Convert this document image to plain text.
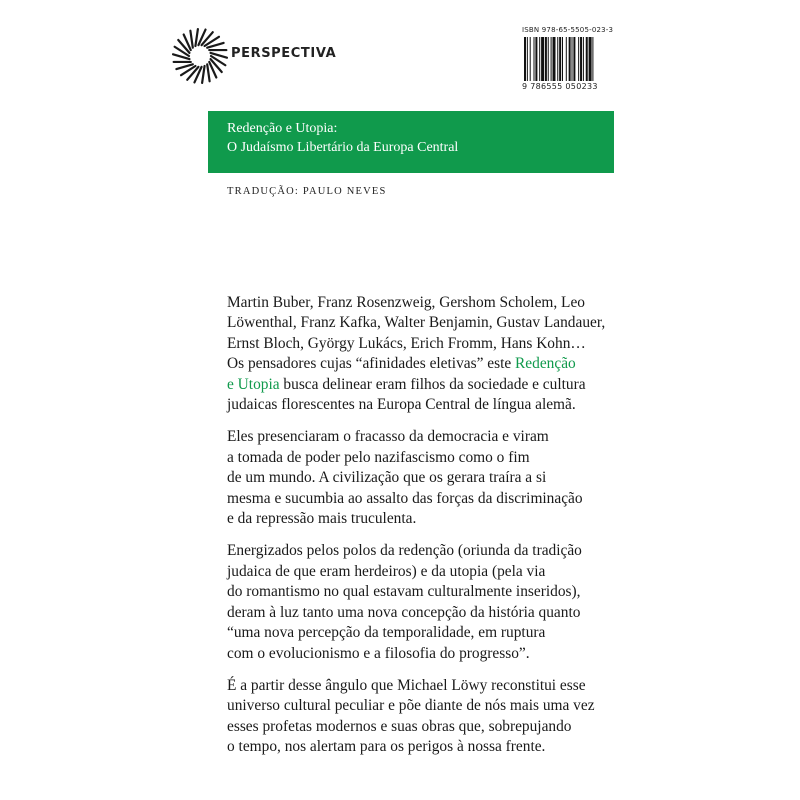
PERSPECTIVA
ISBN 978-65-5505-023-3
9 786555 050233
Redenção e Utopia:
O Judaísmo Libertário da Europa Central
TRADUÇÃO: PAULO NEVES

Martin Buber, Franz Rosenzweig, Gershom Scholem, Leo
Löwenthal, Franz Kafka, Walter Benjamin, Gustav Landauer,
Ernst Bloch, György Lukács, Erich Fromm, Hans Kohn…
Os pensadores cujas “afinidades eletivas” este Redenção
e Utopia busca delinear eram filhos da sociedade e cultura
judaicas florescentes na Europa Central de língua alemã.

Eles presenciaram o fracasso da democracia e viram
a tomada de poder pelo nazifascismo como o fim
de um mundo. A civilização que os gerara traíra a si
mesma e sucumbia ao assalto das forças da discriminação
e da repressão mais truculenta.

Energizados pelos polos da redenção (oriunda da tradição
judaica de que eram herdeiros) e da utopia (pela via
do romantismo no qual estavam culturalmente inseridos),
deram à luz tanto uma nova concepção da história quanto
“uma nova percepção da temporalidade, em ruptura
com o evolucionismo e a filosofia do progresso”.

É a partir desse ângulo que Michael Löwy reconstitui esse
universo cultural peculiar e põe diante de nós mais uma vez
esses profetas modernos e suas obras que, sobrepujando
o tempo, nos alertam para os perigos à nossa frente.
